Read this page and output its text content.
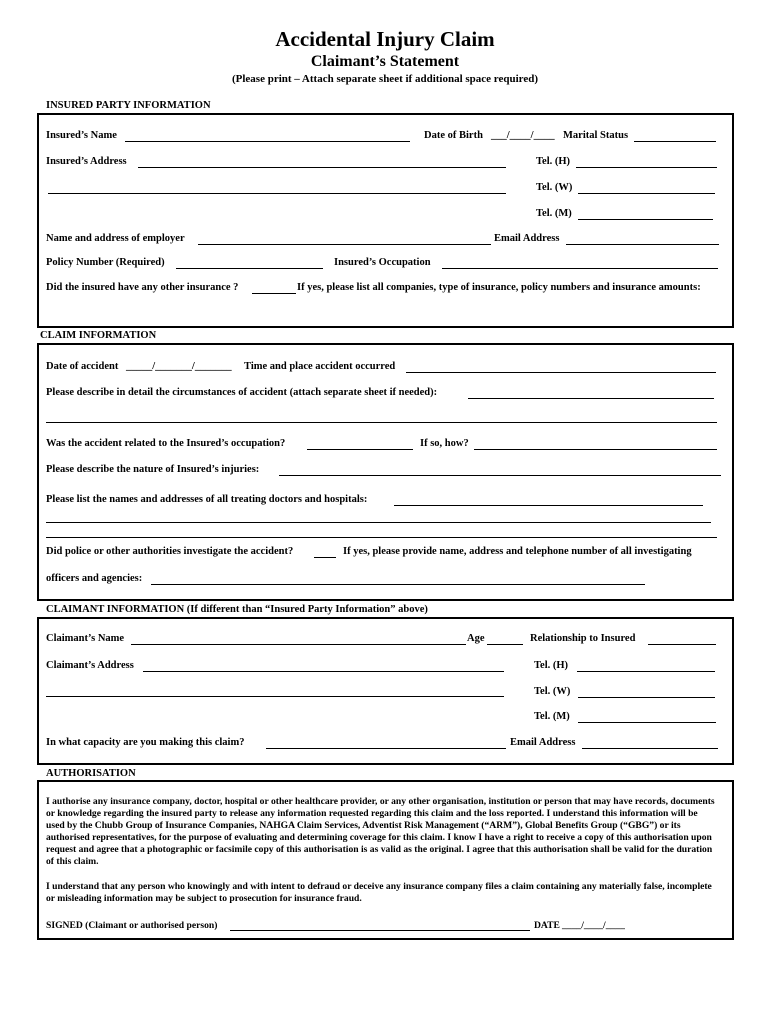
Accidental Injury Claim
Claimant’s Statement
(Please print – Attach separate sheet if additional space required)
INSURED PARTY INFORMATION
Insured’s Name	Date of Birth ___/____/____ Marital Status
Insured’s Address	Tel. (H)
Tel. (W)
Tel. (M)
Name and address of employer	Email Address
Policy Number (Required)	Insured’s Occupation
Did the insured have any other insurance ?	If yes, please list all companies, type of insurance, policy numbers and insurance amounts:
CLAIM INFORMATION
Date of accident _____/_______/_______ Time and place accident occurred
Please describe in detail the circumstances of accident (attach separate sheet if needed):
Was the accident related to the Insured’s occupation?	If so, how?
Please describe the nature of Insured’s injuries:
Please list the names and addresses of all treating doctors and hospitals:
Did police or other authorities investigate the accident?	If yes, please provide name, address and telephone number of all investigating
officers and agencies:
CLAIMANT INFORMATION (If different than “Insured Party Information” above)
Claimant’s Name	Age	Relationship to Insured
Claimant’s Address	Tel. (H)
Tel. (W)
Tel. (M)
In what capacity are you making this claim?	Email Address
AUTHORISATION
I authorise any insurance company, doctor, hospital or other healthcare provider, or any other organisation, institution or person that may have records, documents or knowledge regarding the insured party to release any information requested regarding this claim and the loss reported. I understand this information will be used by the Chubb Group of Insurance Companies, NAHGA Claim Services, Adventist Risk Management (“ARM”), Global Benefits Group (“GBG”) or its authorised representatives, for the purpose of evaluating and determining coverage for this claim. I know I have a right to receive a copy of this authorisation upon request and agree that a photographic or facsimile copy of this authorisation is as valid as the original. I agree that this authorisation shall be valid for the duration of this claim.
I understand that any person who knowingly and with intent to defraud or deceive any insurance company files a claim containing any materially false, incomplete or misleading information may be subject to prosecution for insurance fraud.
SIGNED (Claimant or authorised person)	DATE ____/____/____
